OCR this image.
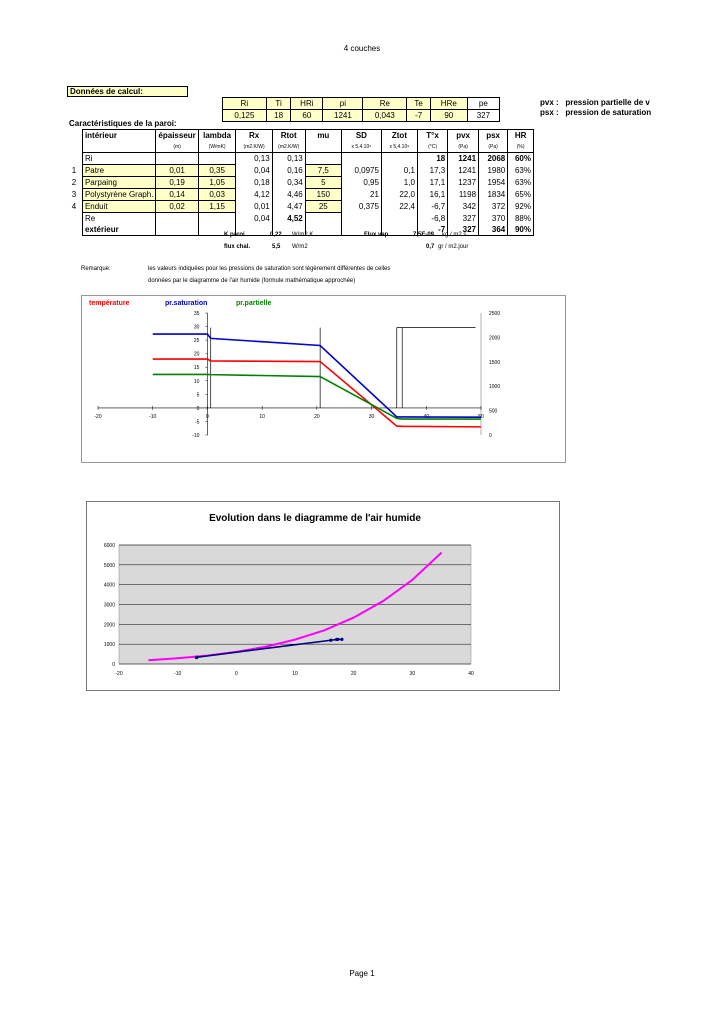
4 couches
Données de calcul:
Ri	Ti	HRi	pi	Re	Te	HRe	pe
0,125	18	60	1241	0,043	-7	90	327
pvx : pression partielle de v
psx : pression de saturation
Caractéristiques de la paroi:
	intérieur	épaisseur	lambda	Rx	Rtot	mu	SD	Ztot	T°x	pvx	psx	HR
		(m)	(W/mK)	(m2.K/W)	(m2.K/W)		x 5,4.10⁹	x 5,4.10⁹	(°C)	(Pa)	(Pa)	(%)
	Ri			0,13	0,13				18	1241	2068	60%
1	Patre	0,01	0,35	0,04	0,16	7,5	0,0975	0,1	17,3	1241	1980	63%
2	Parpaing	0,19	1,05	0,18	0,34	5	0,95	1,0	17,1	1237	1954	63%
3	Polystyrène Graph.	0,14	0,03	4,12	4,46	150	21	22,0	16,1	1198	1834	65%
4	Enduit	0,02	1,15	0,01	4,47	25	0,375	22,4	-6,7	342	372	92%
	Re			0,04	4,52				-6,8	327	370	88%
	extérieur								-7	327	364	90%
K paroi	0,22 W/m2.K
flux chal.	5,5 W/m2
Flux vap.	7,5E-09 kg / m2.s
0,7 gr / m2.jour
Remarque:	les valeurs indiquées pour les pressions de saturation sont légèrement différentes de celles
données par le diagramme de l'air humide (formule mathématique approchée)
-20	-10	0	10	20	30	40	50
-10
-5
0
5
10
15
20
25
30
35
0
500
1000
1500
2000
2500
température	pr.saturation	pr.partielle
0
1000
2000
3000
4000
5000
6000
-20	-10	0	10	20	30	40
Evolution dans le diagramme de l'air humide
Page 1
